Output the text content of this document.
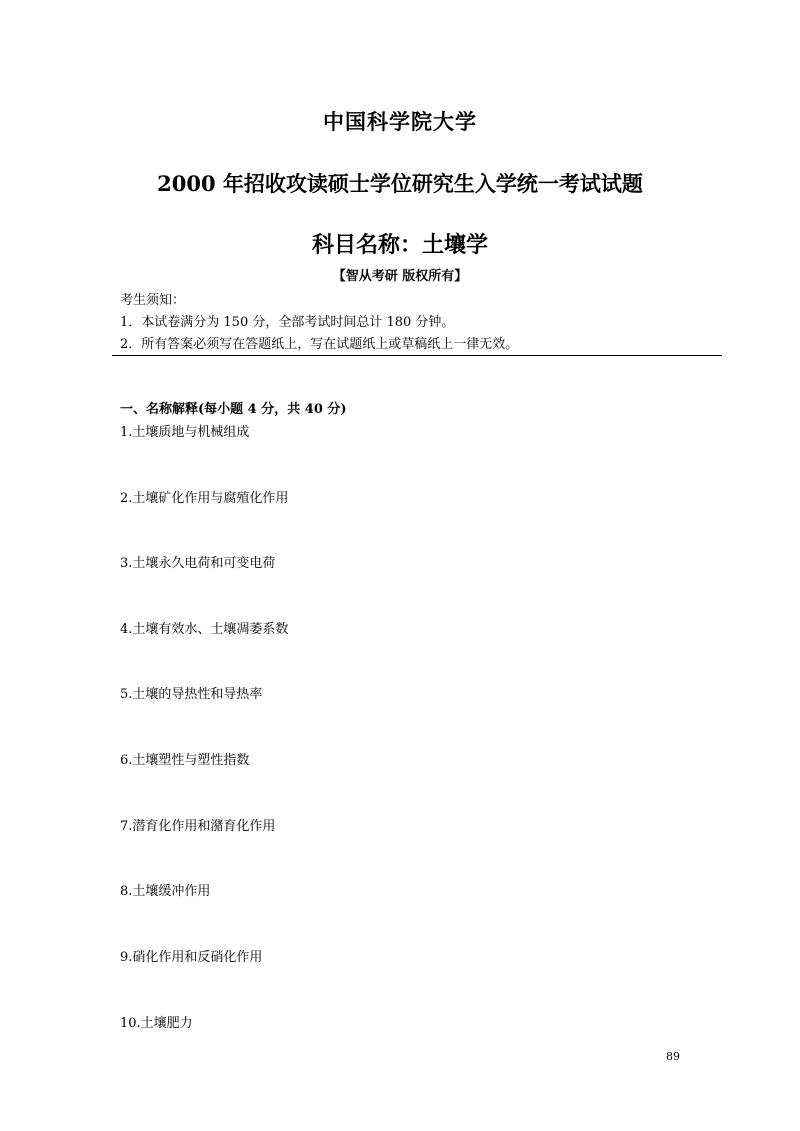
中国科学院大学
2000 年招收攻读硕士学位研究生入学统一考试试题
科目名称：土壤学
【智从考研 版权所有】
考生须知：
1．本试卷满分为 150 分，全部考试时间总计 180 分钟。
2．所有答案必须写在答题纸上，写在试题纸上或草稿纸上一律无效。
一、名称解释(每小题 4 分，共 40 分)
1.土壤质地与机械组成
2.土壤矿化作用与腐殖化作用
3.土壤永久电荷和可变电荷
4.土壤有效水、土壤凋萎系数
5.土壤的导热性和导热率
6.土壤塑性与塑性指数
7.潜育化作用和潴育化作用
8.土壤缓冲作用
9.硝化作用和反硝化作用
10.土壤肥力
89
